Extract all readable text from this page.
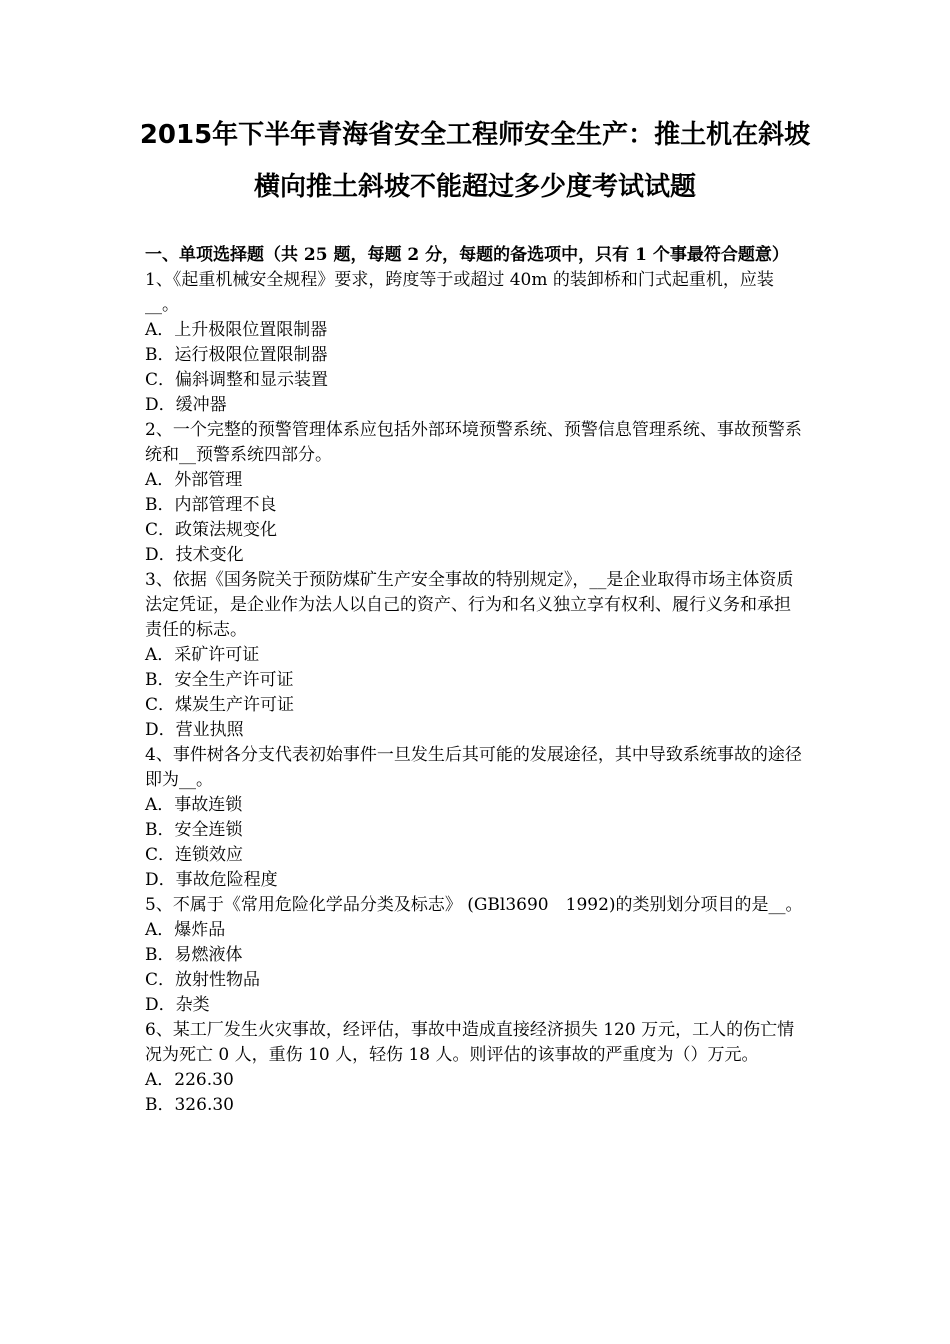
2015年下半年青海省安全工程师安全生产：推土机在斜坡
横向推土斜坡不能超过多少度考试试题

一、单项选择题（共 25 题，每题 2 分，每题的备选项中，只有 1 个事最符合题意）

1、《起重机械安全规程》要求，跨度等于或超过 40m 的装卸桥和门式起重机，应装__。

A．上升极限位置限制器

B．运行极限位置限制器

C．偏斜调整和显示装置

D．缓冲器

2、一个完整的预警管理体系应包括外部环境预警系统、预警信息管理系统、事故预警系统和__预警系统四部分。

A．外部管理

B．内部管理不良

C．政策法规变化

D．技术变化

3、依据《国务院关于预防煤矿生产安全事故的特别规定》，__是企业取得市场主体资质法定凭证，是企业作为法人以自己的资产、行为和名义独立享有权利、履行义务和承担责任的标志。

A．采矿许可证

B．安全生产许可证

C．煤炭生产许可证

D．营业执照

4、事件树各分支代表初始事件一旦发生后其可能的发展途径，其中导致系统事故的途径即为__。

A．事故连锁

B．安全连锁

C．连锁效应

D．事故危险程度

5、不属于《常用危险化学品分类及标志》 (GBl3690　1992)的类别划分项目的是__。

A．爆炸品

B．易燃液体

C．放射性物品

D．杂类

6、某工厂发生火灾事故，经评估，事故中造成直接经济损失 120 万元，工人的伤亡情况为死亡 0 人，重伤 10 人，轻伤 18 人。则评估的该事故的严重度为（）万元。

A．226.30

B．326.30
